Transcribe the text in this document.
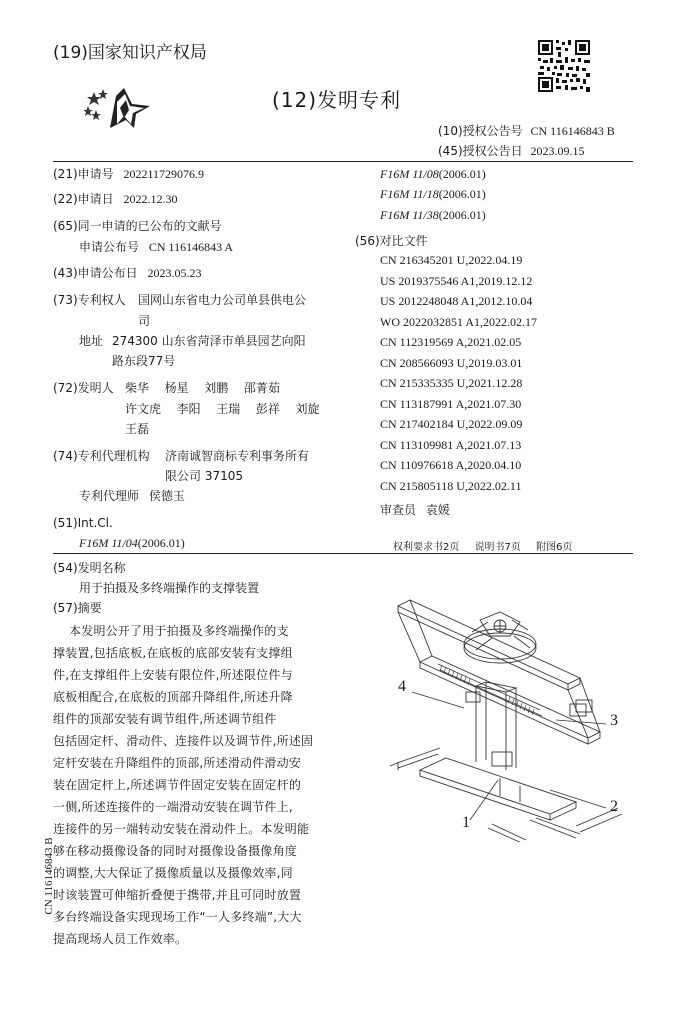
(19)国家知识产权局
(12)发明专利
(10)授权公告号 CN 116146843 B
(45)授权公告日 2023.09.15
(21)申请号 202211729076.9
(22)申请日 2022.12.30
(65)同一申请的已公布的文献号
申请公布号 CN 116146843 A
(43)申请公布日 2023.05.23
(73)专利权人 国网山东省电力公司单县供电公
司
地址 274300 山东省菏泽市单县园艺向阳
路东段77号
(72)发明人 柴华  杨星  刘鹏  邵菁茹
许文虎  李阳  王瑞  彭祥  刘旋
王磊
(74)专利代理机构 济南诚智商标专利事务所有
限公司 37105
专利代理师 侯德玉
(51)Int.Cl.
F16M 11/04(2006.01)
F16M 11/08(2006.01)
F16M 11/18(2006.01)
F16M 11/38(2006.01)
(56)对比文件
CN 216345201 U,2022.04.19
US 2019375546 A1,2019.12.12
US 2012248048 A1,2012.10.04
WO 2022032851 A1,2022.02.17
CN 112319569 A,2021.02.05
CN 208566093 U,2019.03.01
CN 215335335 U,2021.12.28
CN 113187991 A,2021.07.30
CN 217402184 U,2022.09.09
CN 113109981 A,2021.07.13
CN 110976618 A,2020.04.10
CN 215805118 U,2022.02.11
审查员 袁媛
权利要求书2页 说明书7页 附图6页
(54)发明名称
用于拍摄及多终端操作的支撑装置
(57)摘要
本发明公开了用于拍摄及多终端操作的支
撑装置,包括底板,在底板的底部安装有支撑组
件,在支撑组件上安装有限位件,所述限位件与
底板相配合,在底板的顶部升降组件,所述升降
组件的顶部安装有调节组件,所述调节组件
包括固定杆、滑动件、连接件以及调节件,所述固
定杆安装在升降组件的顶部,所述滑动件滑动安
装在固定杆上,所述调节件固定安装在固定杆的
一侧,所述连接件的一端滑动安装在调节件上,
连接件的另一端转动安装在滑动件上。本发明能
够在移动摄像设备的同时对摄像设备摄像角度
的调整,大大保证了摄像质量以及摄像效率,同
时该装置可伸缩折叠便于携带,并且可同时放置
多台终端设备实现现场工作“一人多终端”,大大
提高现场人员工作效率。
CN 116146843 B
4
3
2
1
